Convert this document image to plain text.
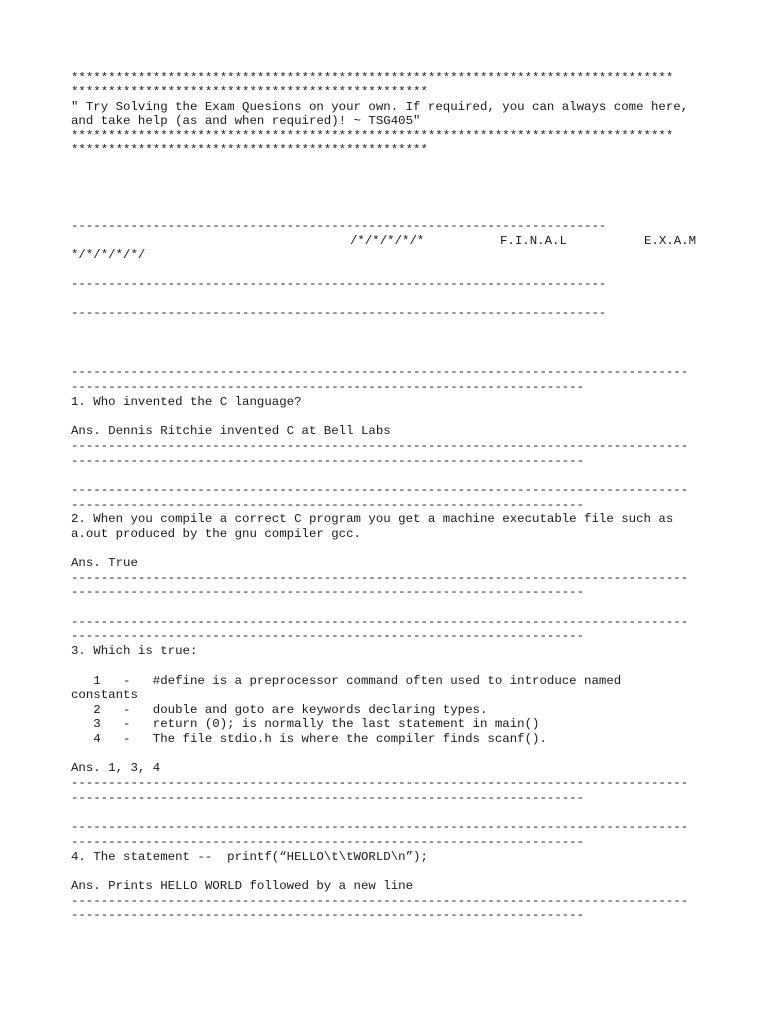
*********************************************************************************
************************************************
" Try Solving the Exam Quesions on your own. If required, you can always come here,
and take help (as and when required)! ~ TSG405"
*********************************************************************************
************************************************
------------------------------------------------------------------------

/*/*/*/*/*

	F.I.N.A.L

	E.X.A.M

*/*/*/*/*/
------------------------------------------------------------------------
------------------------------------------------------------------------
-----------------------------------------------------------------------------------
---------------------------------------------------------------------
1. Who invented the C language?
Ans. Dennis Ritchie invented C at Bell Labs
-----------------------------------------------------------------------------------
---------------------------------------------------------------------
-----------------------------------------------------------------------------------
---------------------------------------------------------------------
2. When you compile a correct C program you get a machine executable file such as
a.out produced by the gnu compiler gcc.
Ans. True
-----------------------------------------------------------------------------------
---------------------------------------------------------------------
-----------------------------------------------------------------------------------
---------------------------------------------------------------------
3. Which is true:
1   -   #define is a preprocessor command often used to introduce named
constants
2   -   double and goto are keywords declaring types.
3   -   return (0); is normally the last statement in main()
4   -   The file stdio.h is where the compiler finds scanf().
Ans. 1, 3, 4
-----------------------------------------------------------------------------------
---------------------------------------------------------------------
-----------------------------------------------------------------------------------
---------------------------------------------------------------------
4. The statement --  printf(“HELLO\t\tWORLD\n”);
Ans. Prints HELLO WORLD followed by a new line
-----------------------------------------------------------------------------------
---------------------------------------------------------------------
